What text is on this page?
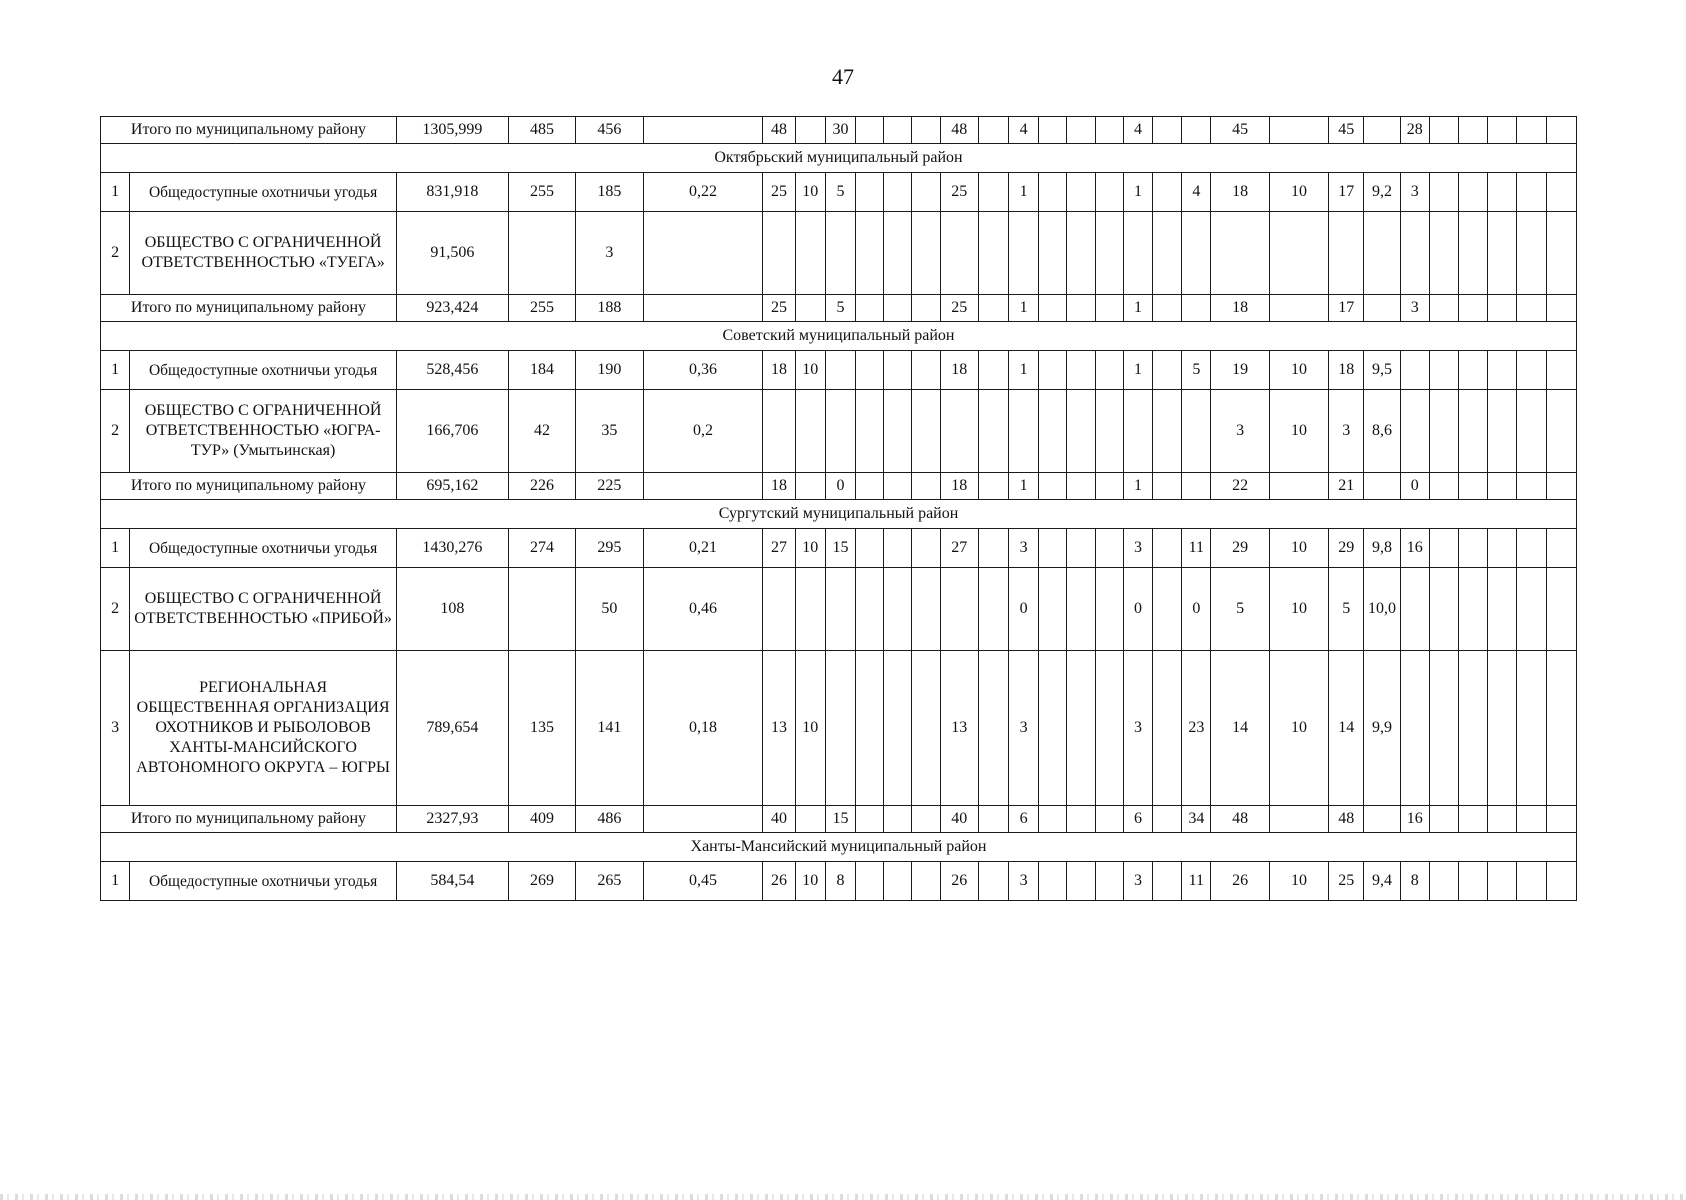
47
Итого по муниципальному району		1305,999	485	456		48		30				48		4				4			45		45		28					
Октябрьский муниципальный район																														
1	Общедоступные охотничьи угодья	831,918	255	185	0,22	25	10	5				25		1				1		4	18	10	17	9,2	3					
2	ОБЩЕСТВО С ОГРАНИЧЕННОЙ ОТВЕТСТВЕННОСТЬЮ «ТУЕГА»	91,506		3																										
Итого по муниципальному району		923,424	255	188		25		5				25		1				1			18		17		3					
Советский муниципальный район																														
1	Общедоступные охотничьи угодья	528,456	184	190	0,36	18	10					18		1				1		5	19	10	18	9,5						
2	ОБЩЕСТВО С ОГРАНИЧЕННОЙ ОТВЕТСТВЕННОСТЬЮ «ЮГРА-ТУР» (Умытьинская)	166,706	42	35	0,2																3	10	3	8,6						
Итого по муниципальному району		695,162	226	225		18		0				18		1				1			22		21		0					
Сургутский муниципальный район																														
1	Общедоступные охотничьи угодья	1430,276	274	295	0,21	27	10	15				27		3				3		11	29	10	29	9,8	16					
2	ОБЩЕСТВО С ОГРАНИЧЕННОЙ ОТВЕТСТВЕННОСТЬЮ «ПРИБОЙ»	108		50	0,46									0				0		0	5	10	5	10,0						
3	РЕГИОНАЛЬНАЯ ОБЩЕСТВЕННАЯ ОРГАНИЗАЦИЯ ОХОТНИКОВ И РЫБОЛОВОВ ХАНТЫ-МАНСИЙСКОГО АВТОНОМНОГО ОКРУГА – ЮГРЫ	789,654	135	141	0,18	13	10					13		3				3		23	14	10	14	9,9						
Итого по муниципальному району		2327,93	409	486		40		15				40		6				6		34	48		48		16					
Ханты-Мансийский муниципальный район																														
1	Общедоступные охотничьи угодья	584,54	269	265	0,45	26	10	8				26		3				3		11	26	10	25	9,4	8					
